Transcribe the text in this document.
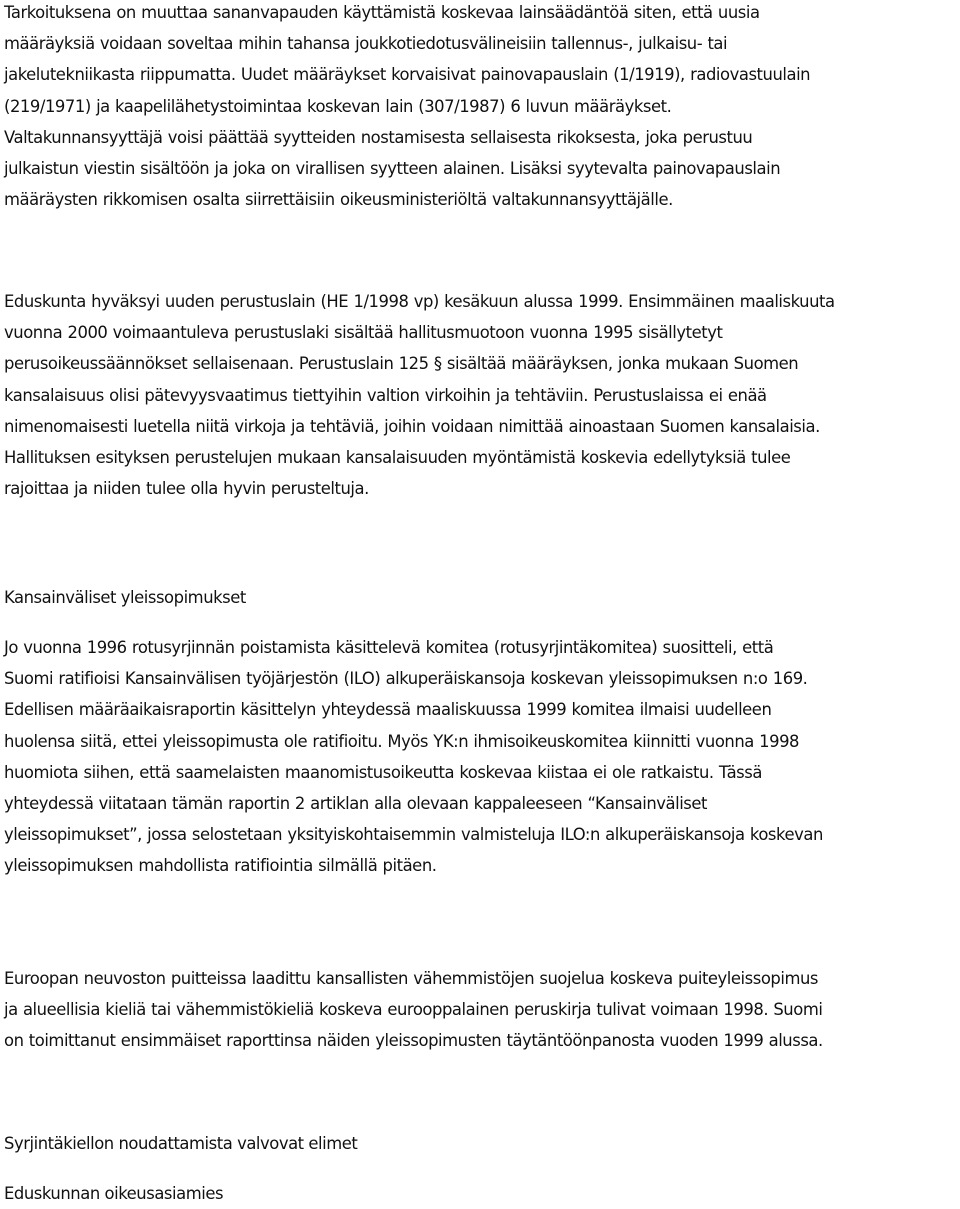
Tarkoituksena on muuttaa sananvapauden käyttämistä koskevaa lainsäädäntöä siten, että uusia
määräyksiä voidaan soveltaa mihin tahansa joukkotiedotusvälineisiin tallennus-, julkaisu- tai
jakelutekniikasta riippumatta. Uudet määräykset korvaisivat painovapauslain (1/1919), radiovastuulain
(219/1971) ja kaapelilähetystoimintaa koskevan lain (307/1987) 6 luvun määräykset.
Valtakunnansyyttäjä voisi päättää syytteiden nostamisesta sellaisesta rikoksesta, joka perustuu
julkaistun viestin sisältöön ja joka on virallisen syytteen alainen. Lisäksi syytevalta painovapauslain
määräysten rikkomisen osalta siirrettäisiin oikeusministeriöltä valtakunnansyyttäjälle.

Eduskunta hyväksyi uuden perustuslain (HE 1/1998 vp) kesäkuun alussa 1999. Ensimmäinen maaliskuuta
vuonna 2000 voimaantuleva perustuslaki sisältää hallitusmuotoon vuonna 1995 sisällytetyt
perusoikeussäännökset sellaisenaan. Perustuslain 125 § sisältää määräyksen, jonka mukaan Suomen
kansalaisuus olisi pätevyysvaatimus tiettyihin valtion virkoihin ja tehtäviin. Perustuslaissa ei enää
nimenomaisesti luetella niitä virkoja ja tehtäviä, joihin voidaan nimittää ainoastaan Suomen kansalaisia.
Hallituksen esityksen perustelujen mukaan kansalaisuuden myöntämistä koskevia edellytyksiä tulee
rajoittaa ja niiden tulee olla hyvin perusteltuja.

Kansainväliset yleissopimukset

Jo vuonna 1996 rotusyrjinnän poistamista käsittelevä komitea (rotusyrjintäkomitea) suositteli, että
Suomi ratifioisi Kansainvälisen työjärjestön (ILO) alkuperäiskansoja koskevan yleissopimuksen n:o 169.
Edellisen määräaikaisraportin käsittelyn yhteydessä maaliskuussa 1999 komitea ilmaisi uudelleen
huolensa siitä, ettei yleissopimusta ole ratifioitu. Myös YK:n ihmisoikeuskomitea kiinnitti vuonna 1998
huomiota siihen, että saamelaisten maanomistusoikeutta koskevaa kiistaa ei ole ratkaistu. Tässä
yhteydessä viitataan tämän raportin 2 artiklan alla olevaan kappaleeseen “Kansainväliset
yleissopimukset”, jossa selostetaan yksityiskohtaisemmin valmisteluja ILO:n alkuperäiskansoja koskevan
yleissopimuksen mahdollista ratifiointia silmällä pitäen.

Euroopan neuvoston puitteissa laadittu kansallisten vähemmistöjen suojelua koskeva puiteyleissopimus
ja alueellisia kieliä tai vähemmistökieliä koskeva eurooppalainen peruskirja tulivat voimaan 1998. Suomi
on toimittanut ensimmäiset raporttinsa näiden yleissopimusten täytäntöönpanosta vuoden 1999 alussa.

Syrjintäkiellon noudattamista valvovat elimet

Eduskunnan oikeusasiamies
